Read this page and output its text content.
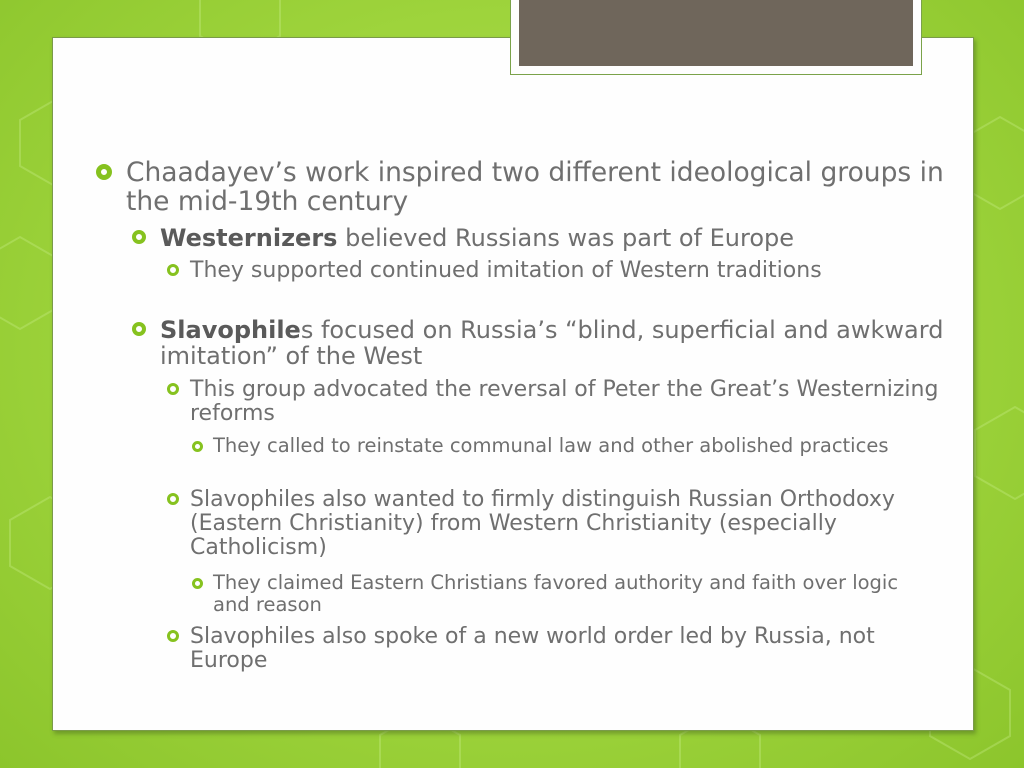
Chaadayev’s work inspired two different ideological groups in the mid-19th century

Westernizers believed Russians was part of Europe

They supported continued imitation of Western traditions

Slavophiles focused on Russia’s “blind, superficial and awkward imitation” of the West

This group advocated the reversal of Peter the Great’s Westernizing reforms

They called to reinstate communal law and other abolished practices

Slavophiles also wanted to firmly distinguish Russian Orthodoxy (Eastern Christianity) from Western Christianity (especially Catholicism)

They claimed Eastern Christians favored authority and faith over logic and reason

Slavophiles also spoke of a new world order led by Russia, not Europe
